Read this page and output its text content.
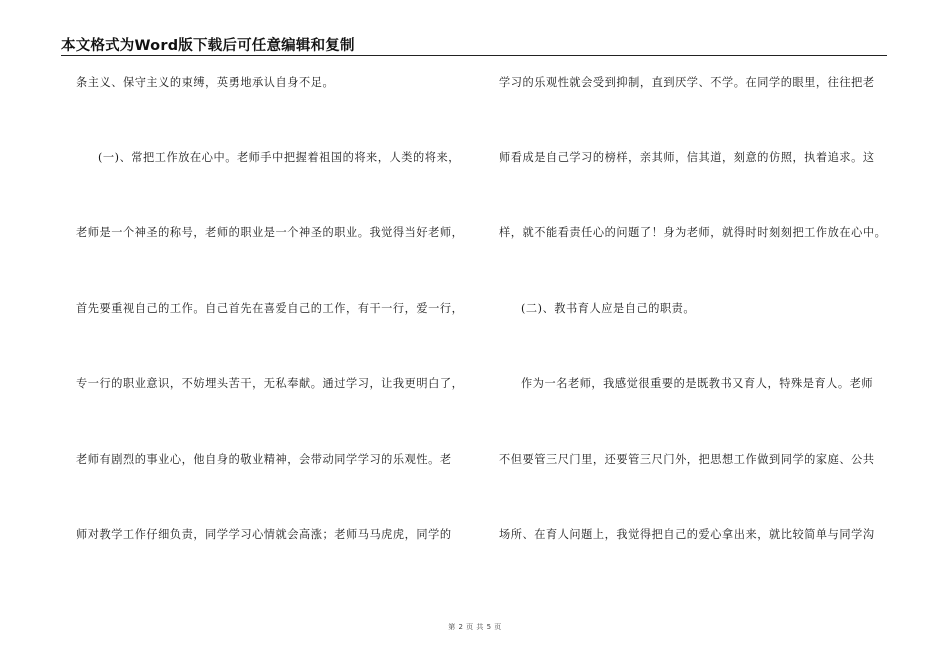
本文格式为Word版下载后可任意编辑和复制
条主义、保守主义的束缚，英勇地承认自身不足。
(一)、常把工作放在心中。老师手中把握着祖国的将来，人类的将来，
老师是一个神圣的称号，老师的职业是一个神圣的职业。我觉得当好老师，
首先要重视自己的工作。自己首先在喜爱自己的工作，有干一行，爱一行，
专一行的职业意识，不妨埋头苦干，无私奉献。通过学习，让我更明白了，
老师有剧烈的事业心，他自身的敬业精神，会带动同学学习的乐观性。老
师对教学工作仔细负责，同学学习心情就会高涨；老师马马虎虎，同学的
学习的乐观性就会受到抑制，直到厌学、不学。在同学的眼里，往往把老
师看成是自己学习的榜样，亲其师，信其道，刻意的仿照，执着追求。这
样，就不能看责任心的问题了！身为老师，就得时时刻刻把工作放在心中。
(二)、教书育人应是自己的职责。
作为一名老师，我感觉很重要的是既教书又育人，特殊是育人。老师
不但要管三尺门里，还要管三尺门外，把思想工作做到同学的家庭、公共
场所、在育人问题上，我觉得把自己的爱心拿出来，就比较简单与同学沟
第 2 页 共 5 页
